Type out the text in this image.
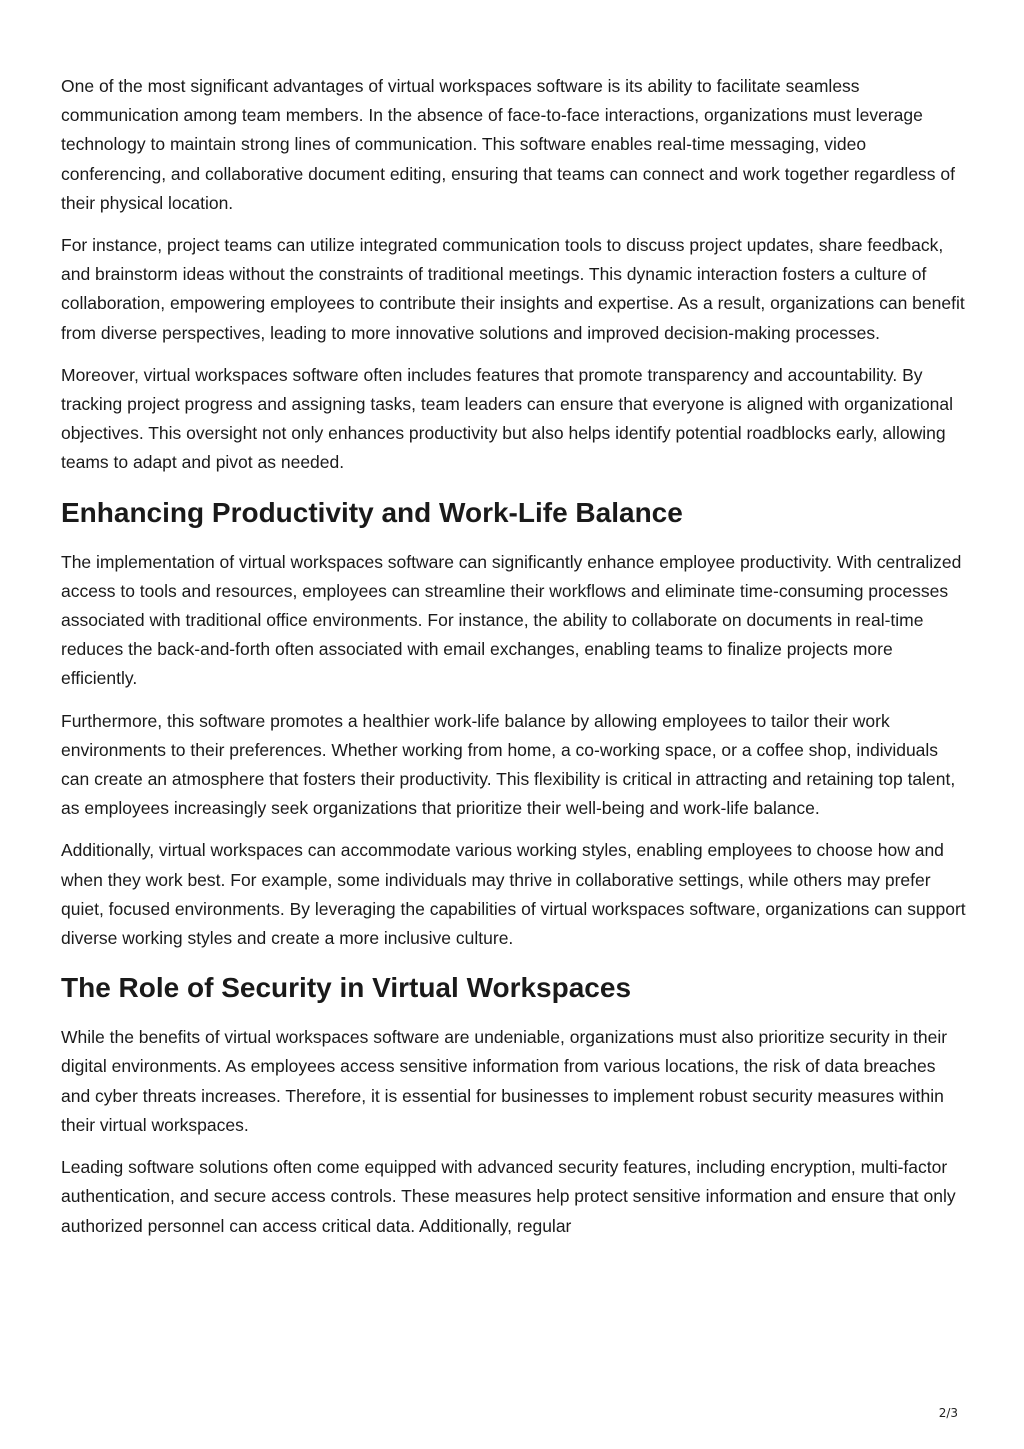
One of the most significant advantages of virtual workspaces software is its ability to facilitate seamless communication among team members. In the absence of face-to-face interactions, organizations must leverage technology to maintain strong lines of communication. This software enables real-time messaging, video conferencing, and collaborative document editing, ensuring that teams can connect and work together regardless of their physical location.

For instance, project teams can utilize integrated communication tools to discuss project updates, share feedback, and brainstorm ideas without the constraints of traditional meetings. This dynamic interaction fosters a culture of collaboration, empowering employees to contribute their insights and expertise. As a result, organizations can benefit from diverse perspectives, leading to more innovative solutions and improved decision-making processes.

Moreover, virtual workspaces software often includes features that promote transparency and accountability. By tracking project progress and assigning tasks, team leaders can ensure that everyone is aligned with organizational objectives. This oversight not only enhances productivity but also helps identify potential roadblocks early, allowing teams to adapt and pivot as needed.

Enhancing Productivity and Work-Life Balance

The implementation of virtual workspaces software can significantly enhance employee productivity. With centralized access to tools and resources, employees can streamline their workflows and eliminate time-consuming processes associated with traditional office environments. For instance, the ability to collaborate on documents in real-time reduces the back-and-forth often associated with email exchanges, enabling teams to finalize projects more efficiently.

Furthermore, this software promotes a healthier work-life balance by allowing employees to tailor their work environments to their preferences. Whether working from home, a co-working space, or a coffee shop, individuals can create an atmosphere that fosters their productivity. This flexibility is critical in attracting and retaining top talent, as employees increasingly seek organizations that prioritize their well-being and work-life balance.

Additionally, virtual workspaces can accommodate various working styles, enabling employees to choose how and when they work best. For example, some individuals may thrive in collaborative settings, while others may prefer quiet, focused environments. By leveraging the capabilities of virtual workspaces software, organizations can support diverse working styles and create a more inclusive culture.

The Role of Security in Virtual Workspaces

While the benefits of virtual workspaces software are undeniable, organizations must also prioritize security in their digital environments. As employees access sensitive information from various locations, the risk of data breaches and cyber threats increases. Therefore, it is essential for businesses to implement robust security measures within their virtual workspaces.

Leading software solutions often come equipped with advanced security features, including encryption, multi-factor authentication, and secure access controls. These measures help protect sensitive information and ensure that only authorized personnel can access critical data. Additionally, regular

2/3
